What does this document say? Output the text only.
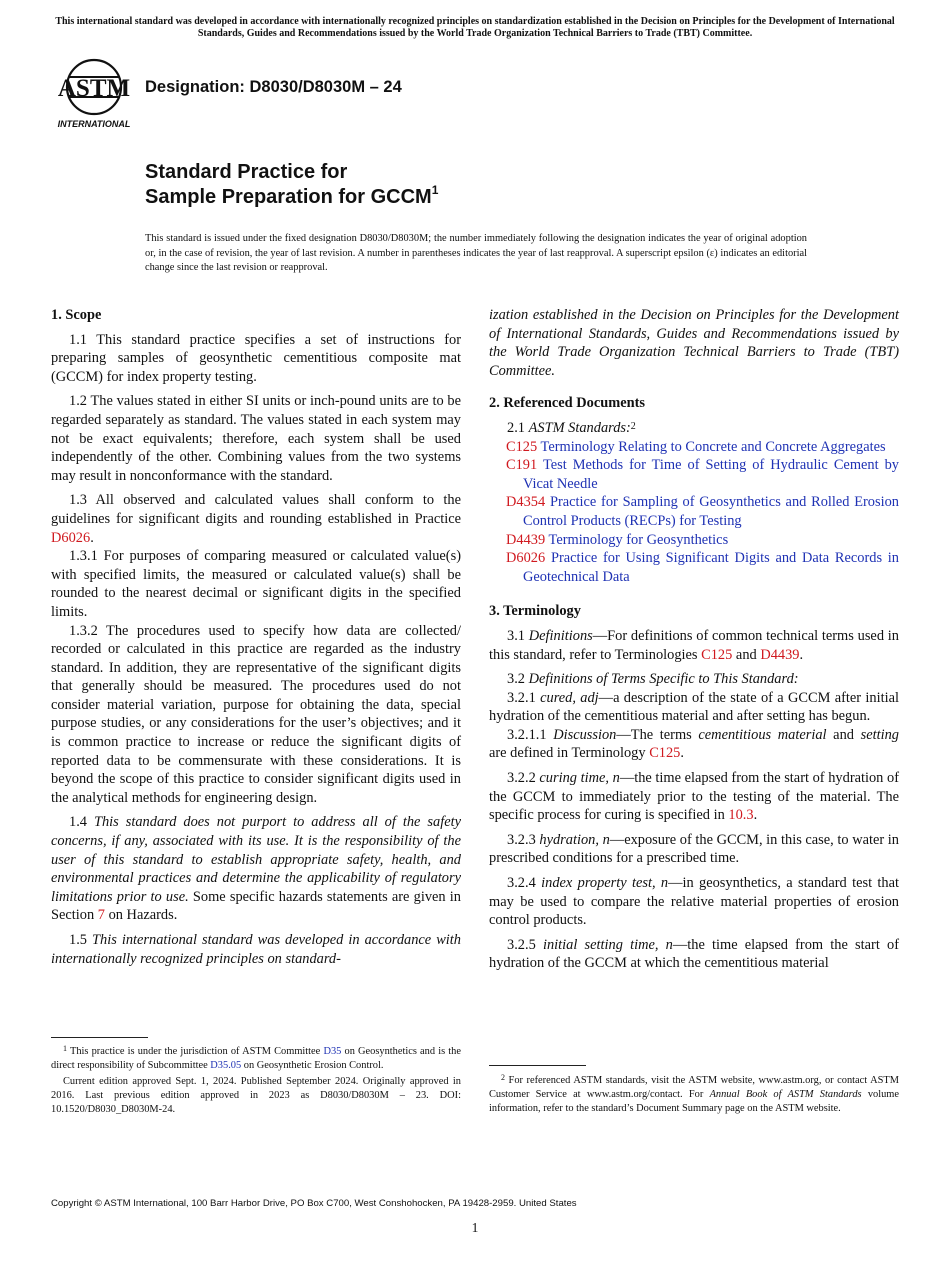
This international standard was developed in accordance with internationally recognized principles on standardization established in the Decision on Principles for the Development of International Standards, Guides and Recommendations issued by the World Trade Organization Technical Barriers to Trade (TBT) Committee.
ASTM
INTERNATIONAL
Designation: D8030/D8030M – 24
Standard Practice for
Sample Preparation for GCCM$^1$
This standard is issued under the fixed designation D8030/D8030M; the number immediately following the designation indicates the year of original adoption or, in the case of revision, the year of last revision. A number in parentheses indicates the year of last reapproval. A superscript epsilon (ε) indicates an editorial change since the last revision or reapproval.
1. Scope

1.1 This standard practice specifies a set of instructions for preparing samples of geosynthetic cementitious composite mat (GCCM) for index property testing.

1.2 The values stated in either SI units or inch-pound units are to be regarded separately as standard. The values stated in each system may not be exact equivalents; therefore, each system shall be used independently of the other. Combining values from the two systems may result in nonconformance with the standard.

1.3 All observed and calculated values shall conform to the guidelines for significant digits and rounding established in Practice D6026.

1.3.1 For purposes of comparing measured or calculated value(s) with specified limits, the measured or calculated value(s) shall be rounded to the nearest decimal or significant digits in the specified limits.

1.3.2 The procedures used to specify how data are collected/ recorded or calculated in this practice are regarded as the industry standard. In addition, they are representative of the significant digits that generally should be measured. The procedures used do not consider material variation, purpose for obtaining the data, special purpose studies, or any considerations for the user’s objectives; and it is common practice to increase or reduce the significant digits of reported data to be commensurate with these considerations. It is beyond the scope of this practice to consider significant digits used in the analytical methods for engineering design.

1.4 This standard does not purport to address all of the safety concerns, if any, associated with its use. It is the responsibility of the user of this standard to establish appropriate safety, health, and environmental practices and determine the applicability of regulatory limitations prior to use. Some specific hazards statements are given in Section 7 on Hazards.

1.5 This international standard was developed in accordance with internationally recognized principles on standard-

$^1$ This practice is under the jurisdiction of ASTM Committee D35 on Geosynthetics and is the direct responsibility of Subcommittee D35.05 on Geosynthetic Erosion Control.

Current edition approved Sept. 1, 2024. Published September 2024. Originally approved in 2016. Last previous edition approved in 2023 as D8030/D8030M – 23. DOI: 10.1520/D8030_D8030M-24.

ization established in the Decision on Principles for the Development of International Standards, Guides and Recommendations issued by the World Trade Organization Technical Barriers to Trade (TBT) Committee.

2. Referenced Documents

2.1 ASTM Standards:$^2$

C125 Terminology Relating to Concrete and Concrete Aggregates

C191 Test Methods for Time of Setting of Hydraulic Cement by Vicat Needle

D4354 Practice for Sampling of Geosynthetics and Rolled Erosion Control Products (RECPs) for Testing

D4439 Terminology for Geosynthetics

D6026 Practice for Using Significant Digits and Data Records in Geotechnical Data

3. Terminology

3.1 Definitions—For definitions of common technical terms used in this standard, refer to Terminologies C125 and D4439.

3.2 Definitions of Terms Specific to This Standard:

3.2.1 cured, adj—a description of the state of a GCCM after initial hydration of the cementitious material and after setting has begun.

3.2.1.1 Discussion—The terms cementitious material and setting are defined in Terminology C125.

3.2.2 curing time, n—the time elapsed from the start of hydration of the GCCM to immediately prior to the testing of the material. The specific process for curing is specified in 10.3.

3.2.3 hydration, n—exposure of the GCCM, in this case, to water in prescribed conditions for a prescribed time.

3.2.4 index property test, n—in geosynthetics, a standard test that may be used to compare the relative material properties of erosion control products.

3.2.5 initial setting time, n—the time elapsed from the start of hydration of the GCCM at which the cementitious material

$^2$ For referenced ASTM standards, visit the ASTM website, www.astm.org, or contact ASTM Customer Service at www.astm.org/contact. For Annual Book of ASTM Standards volume information, refer to the standard’s Document Summary page on the ASTM website.

Copyright © ASTM International, 100 Barr Harbor Drive, PO Box C700, West Conshohocken, PA 19428-2959. United States
1
